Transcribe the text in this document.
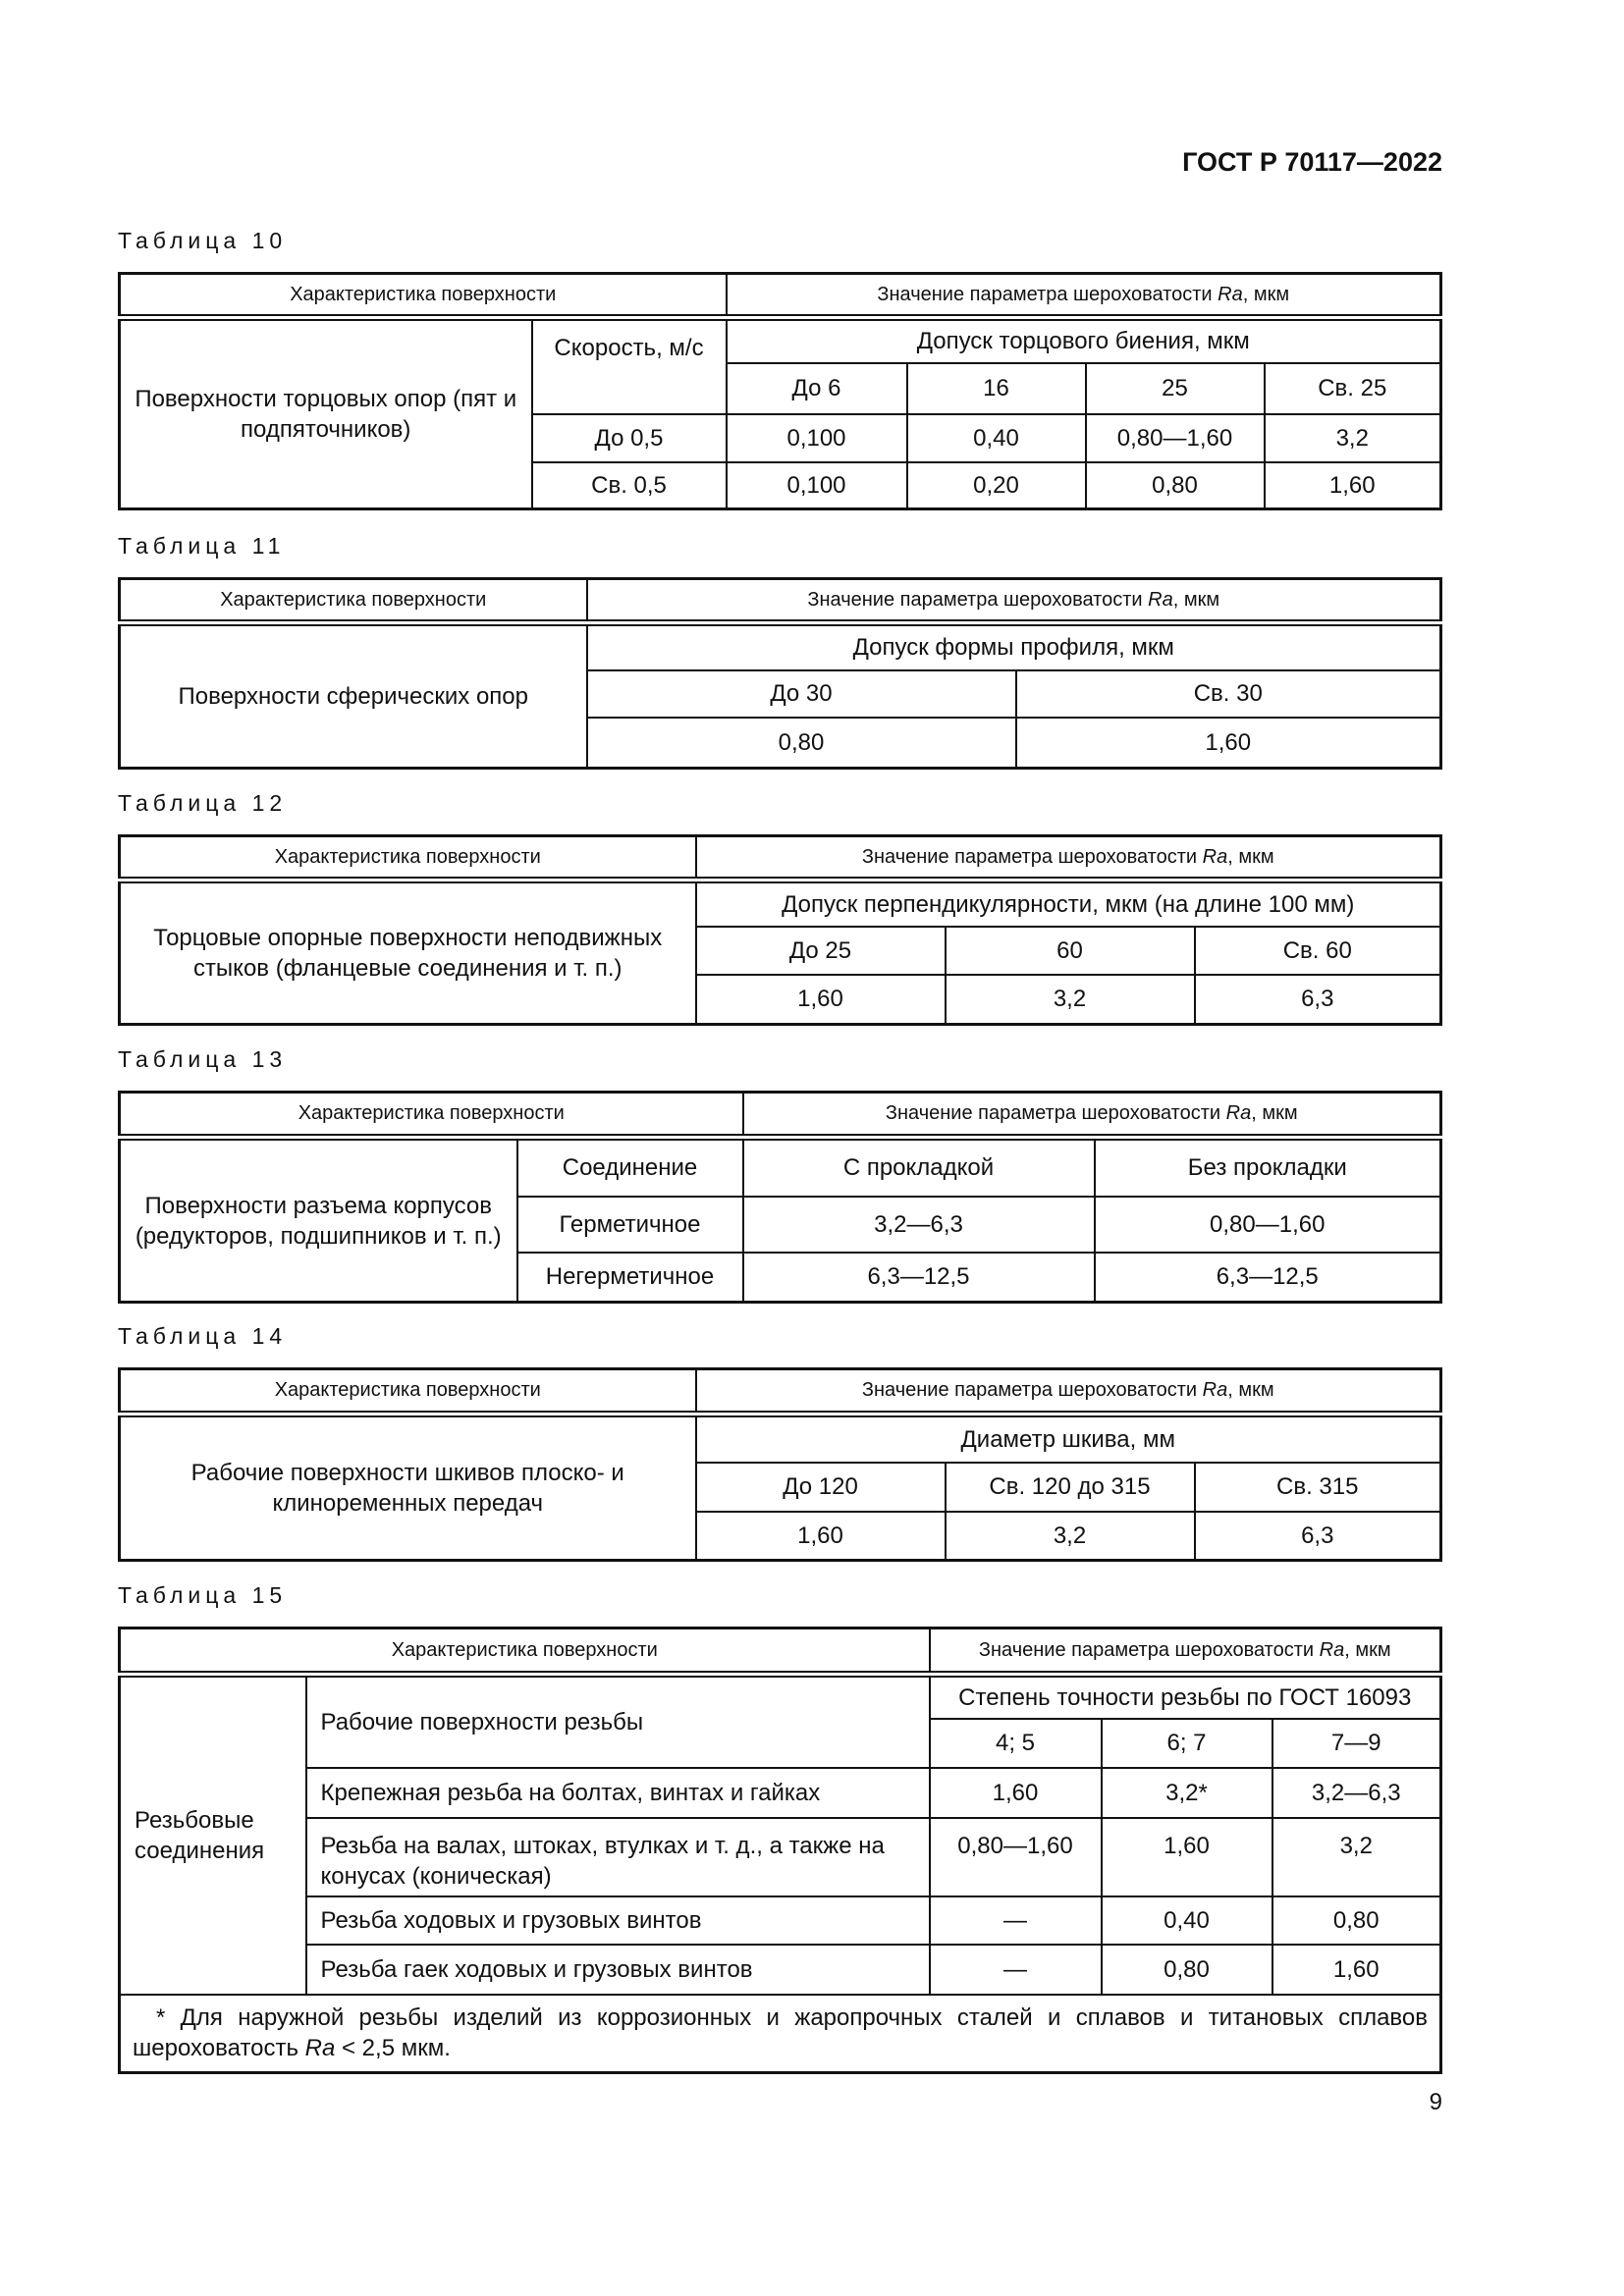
ГОСТ Р 70117—2022
Таблица 10
Характеристика поверхности		Значение параметра шероховатости Ra, мкм			
Поверхности торцовых опор (пят и подпяточников)	Скорость, м/с	Допуск торцового биения, мкм			
		До 6	16	25	Св. 25
	До 0,5	0,100	0,40	0,80—1,60	3,2
	Св. 0,5	0,100	0,20	0,80	1,60
Таблица 11
Характеристика поверхности	Значение параметра шероховатости Ra, мкм	
Поверхности сферических опор	Допуск формы профиля, мкм	
	До 30	Св. 30
	0,80	1,60
Таблица 12
Характеристика поверхности	Значение параметра шероховатости Ra, мкм		
Торцовые опорные поверхности неподвижных стыков (фланцевые соединения и т. п.)	Допуск перпендикулярности, мкм (на длине 100 мм)		
	До 25	60	Св. 60
	1,60	3,2	6,3
Таблица 13
Характеристика поверхности		Значение параметра шероховатости Ra, мкм	
Поверхности разъема корпусов (редукторов, подшипников и т. п.)	Соединение	С прокладкой	Без прокладки
	Герметичное	3,2—6,3	0,80—1,60
	Негерметичное	6,3—12,5	6,3—12,5
Таблица 14
Характеристика поверхности	Значение параметра шероховатости Ra, мкм		
Рабочие поверхности шкивов плоско- и клиноременных передач	Диаметр шкива, мм		
	До 120	Св. 120 до 315	Св. 315
	1,60	3,2	6,3
Таблица 15
Характеристика поверхности		Значение параметра шероховатости Ra, мкм		
Резьбовые соединения	Рабочие поверхности резьбы	Степень точности резьбы по ГОСТ 16093		
		4; 5	6; 7	7—9
	Крепежная резьба на болтах, винтах и гайках	1,60	3,2*	3,2—6,3
	Резьба на валах, штоках, втулках и т. д., а также на конусах (коническая)	0,80—1,60	1,60	3,2
	Резьба ходовых и грузовых винтов	—	0,40	0,80
	Резьба гаек ходовых и грузовых винтов	—	0,80	1,60
* Для наружной резьбы изделий из коррозионных и жаропрочных сталей и сплавов и титановых сплавов шероховатость Ra < 2,5 мкм.				
9
